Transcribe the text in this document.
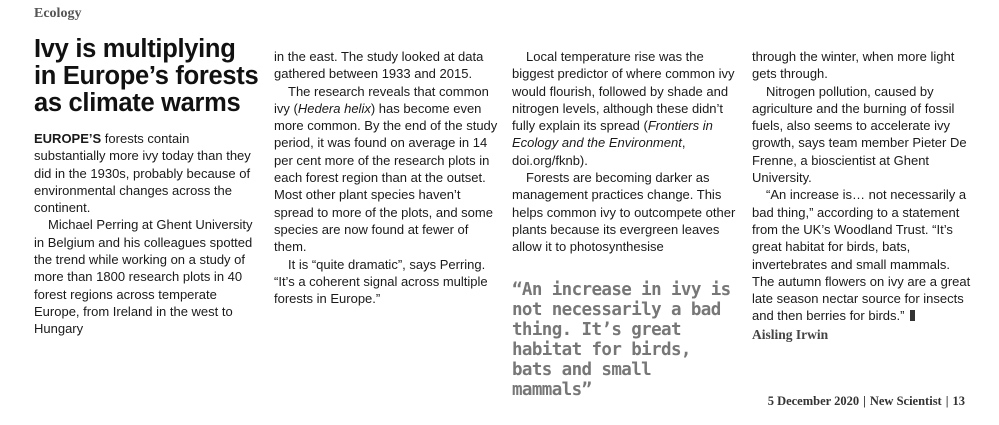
Ecology
Ivy is multiplying in Europe’s forests as climate warms

EUROPE’S forests contain substantially more ivy today than they did in the 1930s, probably because of environmental changes across the continent.

Michael Perring at Ghent University in Belgium and his colleagues spotted the trend while working on a study of more than 1800 research plots in 40 forest regions across temperate Europe, from Ireland in the west to Hungary

in the east. The study looked at data gathered between 1933 and 2015.

The research reveals that common ivy (Hedera helix) has become even more common. By the end of the study period, it was found on average in 14 per cent more of the research plots in each forest region than at the outset. Most other plant species haven’t spread to more of the plots, and some species are now found at fewer of them.

It is “quite dramatic”, says Perring. “It’s a coherent signal across multiple forests in Europe.”

Local temperature rise was the biggest predictor of where common ivy would flourish, followed by shade and nitrogen levels, although these didn’t fully explain its spread (Frontiers in Ecology and the Environment, doi.org/fknb).

Forests are becoming darker as management practices change. This helps common ivy to outcompete other plants because its evergreen leaves allow it to photosynthesise

“An increase in ivy is not necessarily a bad thing. It’s great habitat for birds, bats and small mammals”

through the winter, when more light gets through.

Nitrogen pollution, caused by agriculture and the burning of fossil fuels, also seems to accelerate ivy growth, says team member Pieter De Frenne, a bioscientist at Ghent University.

“An increase is… not necessarily a bad thing,” according to a statement from the UK’s Woodland Trust. “It’s great habitat for birds, bats, invertebrates and small mammals. The autumn flowers on ivy are a great late season nectar source for insects and then berries for birds.”

Aisling Irwin
5 December 2020 | New Scientist | 13
